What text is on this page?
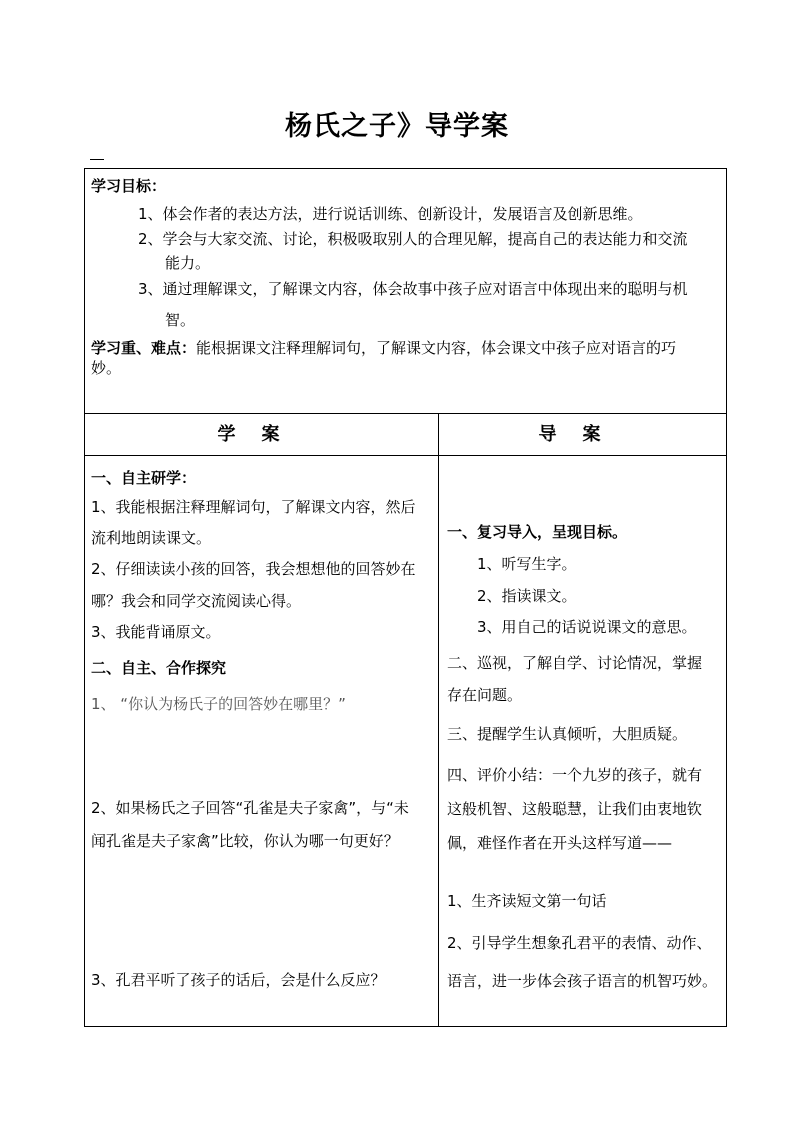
杨氏之子》导学案
学习目标：
1、体会作者的表达方法，进行说话训练、创新设计，发展语言及创新思维。
2、学会与大家交流、讨论，积极吸取别人的合理见解，提高自己的表达能力和交流
能力。
3、通过理解课文，了解课文内容，体会故事中孩子应对语言中体现出来的聪明与机
智。
学习重、难点：能根据课文注释理解词句，了解课文内容，体会课文中孩子应对语言的巧
妙。
学案	导案
一、自主研学：
1、我能根据注释理解词句，了解课文内容，然后
流利地朗读课文。
2、仔细读读小孩的回答，我会想想他的回答妙在
哪？我会和同学交流阅读心得。
3、我能背诵原文。
二、自主、合作探究
1、 “你认为杨氏子的回答妙在哪里？”
2、如果杨氏之子回答“孔雀是夫子家禽”，与“未
闻孔雀是夫子家禽”比较，你认为哪一句更好？
3、孔君平听了孩子的话后，会是什么反应？
一、复习导入，呈现目标。
1、听写生字。
2、指读课文。
3、用自己的话说说课文的意思。
二、巡视，了解自学、讨论情况，掌握
存在问题。
三、提醒学生认真倾听，大胆质疑。
四、评价小结：一个九岁的孩子，就有
这般机智、这般聪慧，让我们由衷地钦
佩，难怪作者在开头这样写道——
1、生齐读短文第一句话
2、引导学生想象孔君平的表情、动作、
语言，进一步体会孩子语言的机智巧妙。
